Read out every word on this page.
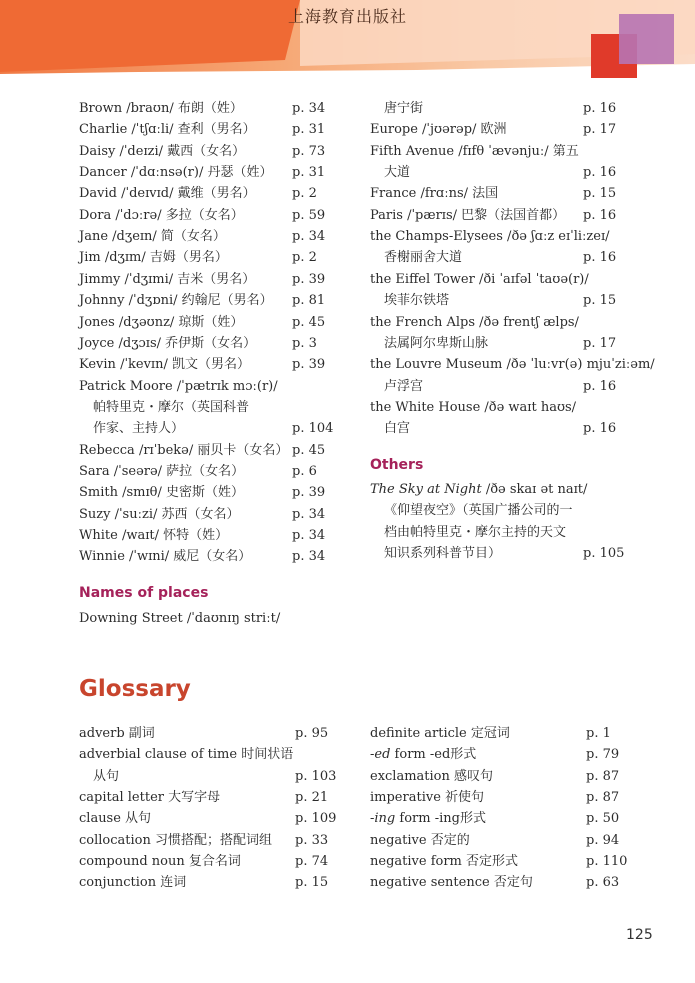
上海教育出版社
Brown /braʊn/ 布朗（姓）	p. 34
Charlie /ˈtʃɑːli/ 查利（男名）	p. 31
Daisy /ˈdeɪzi/ 戴西（女名）	p. 73
Dancer /ˈdɑːnsə(r)/ 丹瑟（姓） p. 31
David /ˈdeɪvɪd/ 戴维（男名）	p. 2
Dora /ˈdɔːrə/ 多拉（女名）	p. 59
Jane /dʒeɪn/ 简（女名）	p. 34
Jim /dʒɪm/ 吉姆（男名）	p. 2
Jimmy /ˈdʒɪmi/ 吉米（男名）	p. 39
Johnny /ˈdʒɒni/ 约翰尼（男名） p. 81
Jones /dʒəʊnz/ 琼斯（姓）	p. 45
Joyce /dʒɔɪs/ 乔伊斯（女名）	p. 3
Kevin /ˈkevɪn/ 凯文（男名）	p. 39
Patrick Moore /ˈpætrɪk mɔː(r)/
帕特里克・摩尔（英国科普
作家、主持人）	p. 104
Rebecca /rɪˈbekə/ 丽贝卡（女名） p. 45
Sara /ˈseərə/ 萨拉（女名）	p. 6
Smith /smɪθ/ 史密斯（姓）	p. 39
Suzy /ˈsuːzi/ 苏西（女名）	p. 34
White /waɪt/ 怀特（姓）	p. 34
Winnie /ˈwɪni/ 威尼（女名）	p. 34
Downing Street /ˈdaʊnɪŋ striːt/
唐宁街	p. 16
Europe /ˈjʊərəp/ 欧洲	p. 17
Fifth Avenue /fɪfθ ˈævənjuː/ 第五
大道	p. 16
France /frɑːns/ 法国	p. 15
Paris /ˈpærɪs/ 巴黎（法国首都） p. 16
the Champs-Elysees /ðə ʃɑːz eɪˈliːzeɪ/
香榭丽舍大道	p. 16
the Eiffel Tower /ði ˈaɪfəl ˈtaʊə(r)/
埃菲尔铁塔	p. 15
the French Alps /ðə frentʃ ælps/
法属阿尔卑斯山脉	p. 17
the Louvre Museum /ðə ˈluːvr(ə) mjuˈziːəm/
卢浮宫	p. 16
the White House /ðə waɪt haʊs/
白宫	p. 16
The Sky at Night /ðə skaɪ ət naɪt/
《仰望夜空》（英国广播公司的一
档由帕特里克・摩尔主持的天文
知识系列科普节目）	p. 105
adverb 副词	p. 95
adverbial clause of time 时间状语
从句	p. 103
capital letter 大写字母	p. 21
clause 从句	p. 109
collocation 习惯搭配；搭配词组 p. 33
compound noun 复合名词	p. 74
conjunction 连词	p. 15
definite article 定冠词	p. 1
-ed form -ed形式	p. 79
exclamation 感叹句	p. 87
imperative 祈使句	p. 87
-ing form -ing形式	p. 50
negative 否定的	p. 94
negative form 否定形式	p. 110
negative sentence 否定句	p. 63
Names of places
Others
Glossary
125
